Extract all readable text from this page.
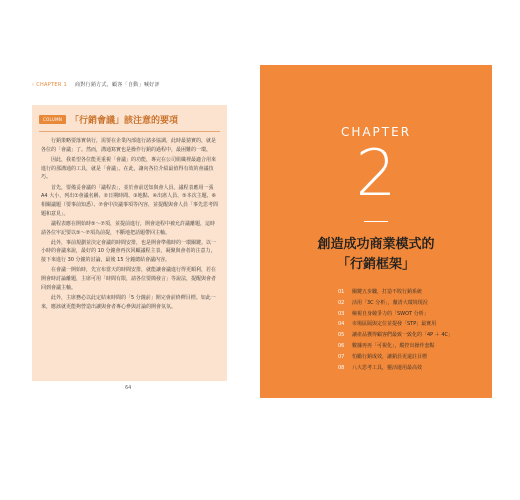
› CHAPTER 1 商對行銷方式，顧客「自動」喊好評
COLUMN 「行銷會議」該注意的要項

行銷策略要落實執行，需要在企業內部進行諸多協調，此時最猜實的，就是各位的「會議」了。然而，溝通寫實也是操作行銷的過程中，最困難的一環。

因此，我希望各位能更重視「會議」的功能，專完在公司組織裡最適合用來進行的那溝通的工具，就是「會議」。在此，讓向各位介紹最值得有效的會議技巧。

首先，要備妥會議的「議程表」，並於會前送知與會人員。議程表應用一張 A4 大小，列出①會議名稱、②日期時間、③地點、④出席人員、⑤本次主題、⑥相關議題（要事前知悉）、⑦會中決議事項等內容，並提醒與會人員「事先思考問題和意見」。

議程表應在開始時⑤～⑦項，並提前進行，開會途程中被允許議離題，這時請各位牢記要以⑤～⑦項為前提，不斷地把話題帶回主軸。

此外，事前規劃並決定會議的時間安排，也是開會準備時的一環關鍵。以一小時的會議來說，最好的 10 分鐘會再次回顧議程主表，凝聚與會者的注意力，接下來進行 30 分鐘的討論，最後 15 分鐘總結會議內容。

在會議一開始時，先宣布當天的時間安排，就能讓會議進行得更順利，若在開會時討論離題，主席可用「時間有限，請各位要簡發言」等說法，提醒與會者回到會議主軸。

此外，主席務必以此定結束時間的「5 分鐘前」開完會前終釋目標。如此一來，應該就更能夠營造出讓與會者專心參與討論的開會氛氛。

64
CHAPTER
2
創造成功商業模式的
「行銷框架」
01 關鍵五步驟，打造不敗行銷系統
02 活用「3C 分析」，釐清大環境現況
03 檢視自身競爭力的「SWOT 分析」
04 市場區隔與定位並提發「STP」最實用
05 讓產品獲得顧客們最致一致化的「4P ＋ 4C」
06 數據再再「可視化」，縱控出操作套點
07 怕勵行銷成效，讓銷員更還註目標
08 八大思考工具，靈活運用最高效
